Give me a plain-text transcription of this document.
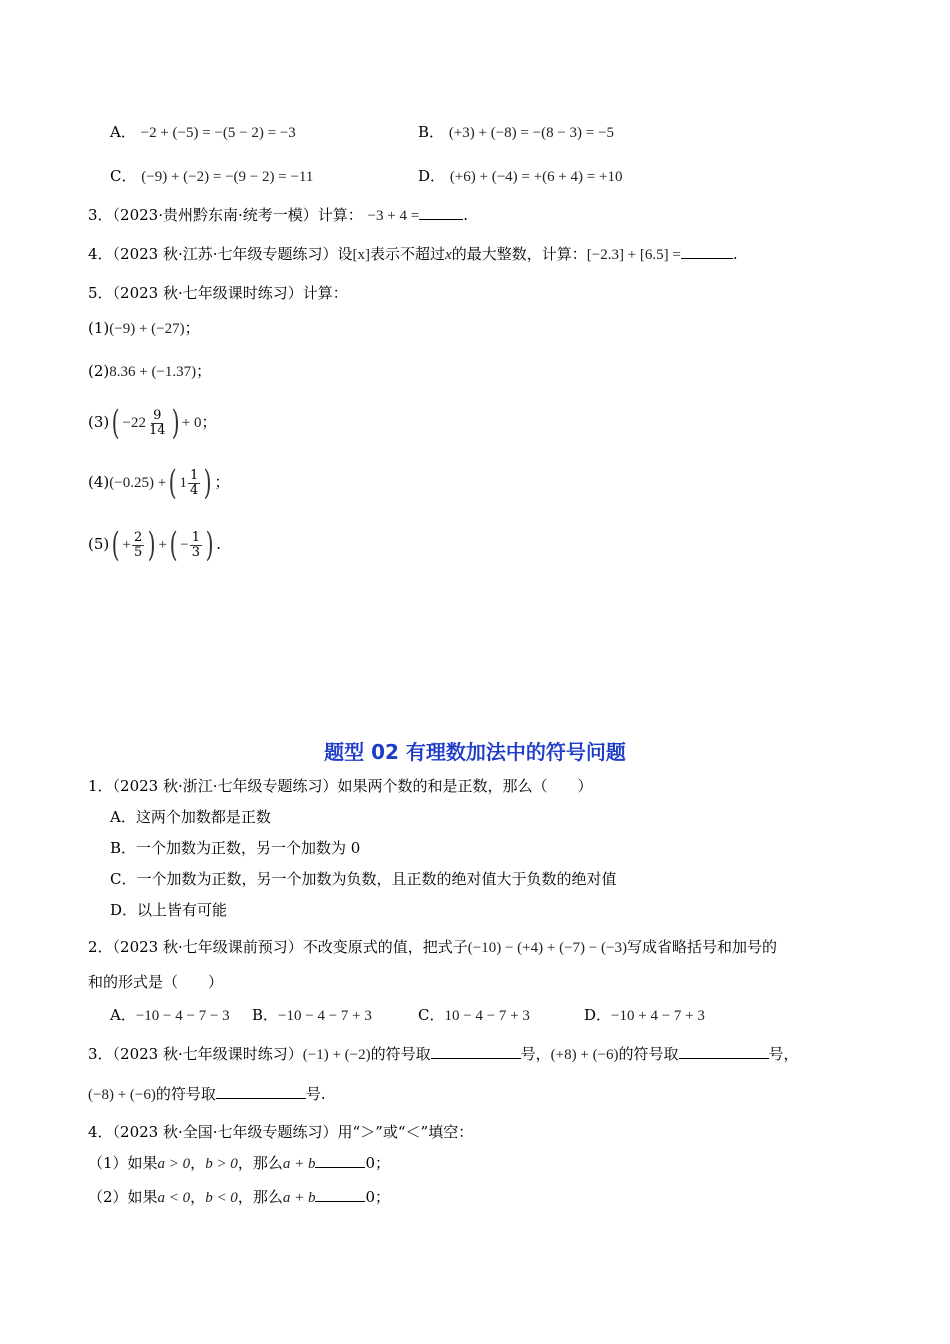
A． −2 + (−5) = −(5 − 2) = −3	B． (+3) + (−8) = −(8 − 3) = −5
C． (−9) + (−2) = −(9 − 2) = −11	D． (+6) + (−4) = +(6 + 4) = +10
3．（2023·贵州黔东南·统考一模）计算： −3 + 4 =	.
4．（2023 秋·江苏·七年级专题练习）设[x]表示不超过x的最大整数，计算：[−2.3] + [6.5] =	.
5．（2023 秋·七年级课时练习）计算：
(1)(−9) + (−27)；
(2)8.36 + (−1.37)；
$(3)( -22 \frac{9}{14}$ ) + 0；
(4)(−0.25) +( $1 \frac{1}{4}$ ) ；
$(5)( + \frac{2}{5}$ ) +( − $\frac{1}{3}$ ) .
题型 02 有理数加法中的符号问题
1．（2023 秋·浙江·七年级专题练习）如果两个数的和是正数，那么（　　）
A．这两个加数都是正数
B．一个加数为正数，另一个加数为 0
C．一个加数为正数，另一个加数为负数，且正数的绝对值大于负数的绝对值
D．以上皆有可能
2．（2023 秋·七年级课前预习）不改变原式的值，把式子(−10) − (+4) + (−7) − (−3)写成省略括号和加号的
和的形式是（　　）
A．−10 − 4 − 7 − 3 B．−10 − 4 − 7 + 3	C．10 − 4 − 7 + 3	D．−10 + 4 − 7 + 3
3．（2023 秋·七年级课时练习）(−1) + (−2)的符号取	号，(+8) + (−6)的符号取	号，
(−8) + (−6)的符号取	号.
4．（2023 秋·全国·七年级专题练习）用“＞”或“＜”填空：
（1）如果a > 0，b > 0，那么a + b	0；
（2）如果a < 0，b < 0，那么a + b	0；
